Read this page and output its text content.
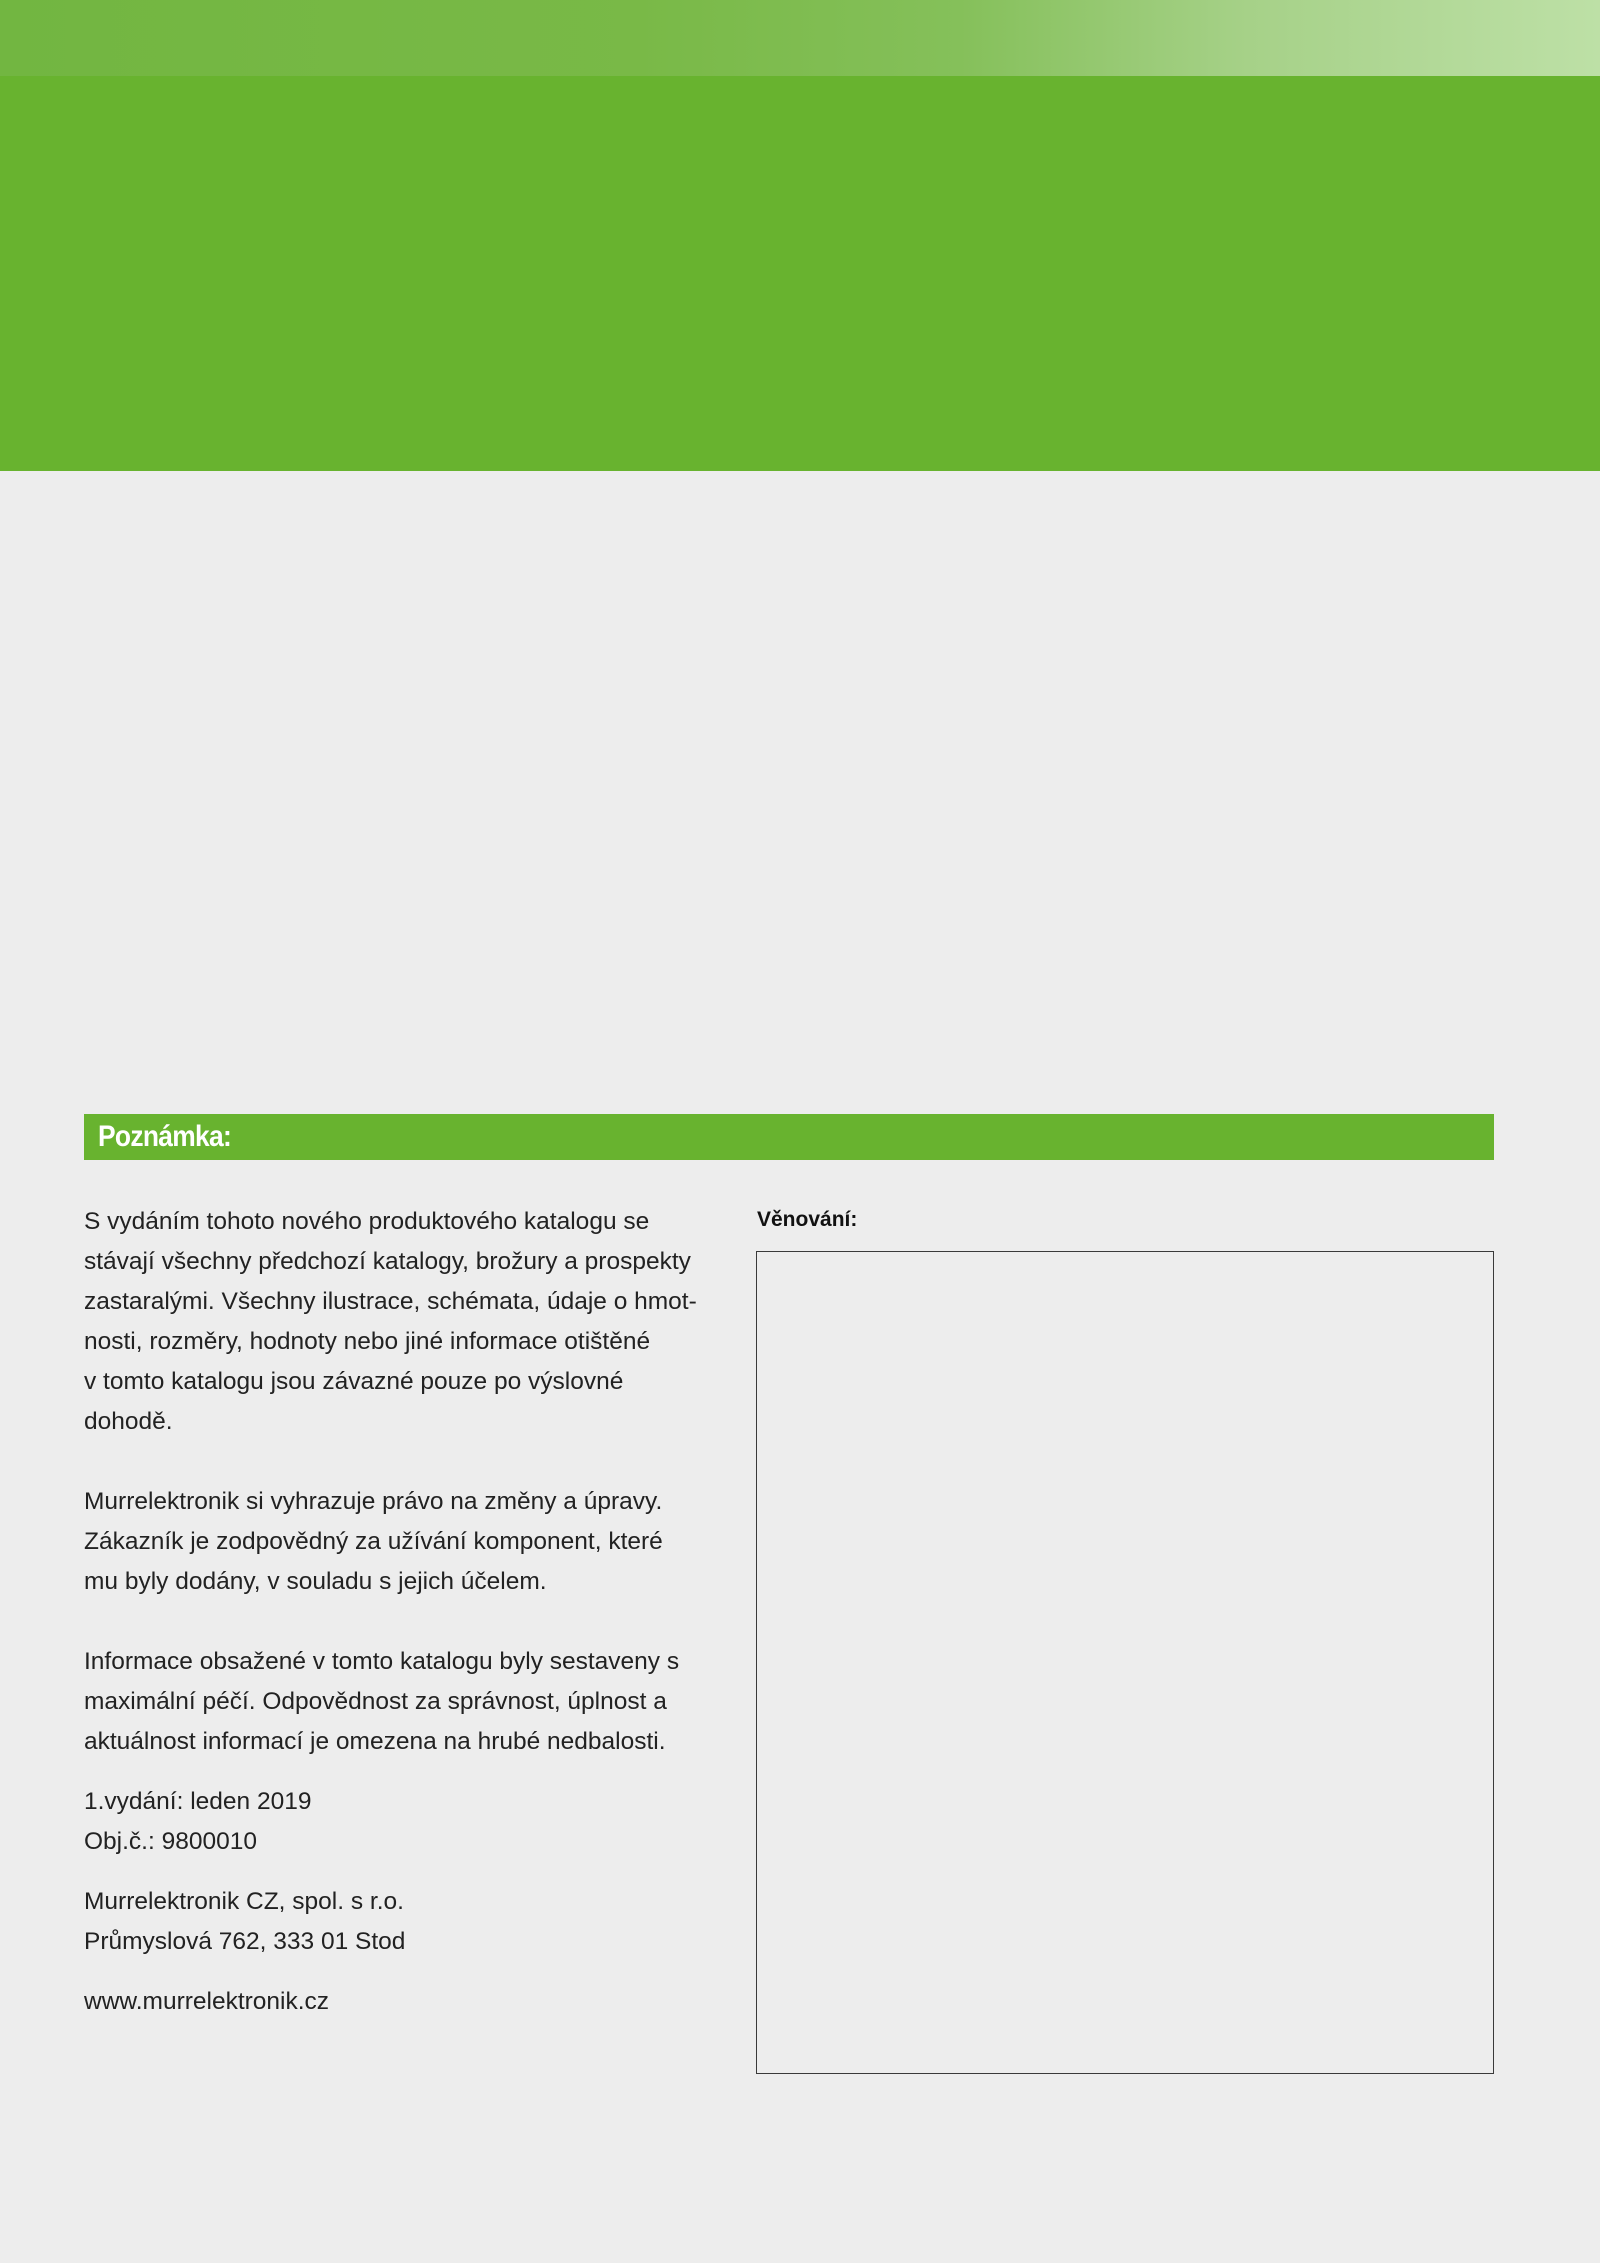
Poznámka:

S vydáním tohoto nového produktového katalogu se
stávají všechny předchozí katalogy, brožury a prospekty
zastaralými. Všechny ilustrace, schémata, údaje o hmot-
nosti, rozměry, hodnoty nebo jiné informace otištěné
v tomto katalogu jsou závazné pouze po výslovné
dohodě.

Murrelektronik si vyhrazuje právo na změny a úpravy.
Zákazník je zodpovědný za užívání komponent, které
mu byly dodány, v souladu s jejich účelem.

Informace obsažené v tomto katalogu byly sestaveny s
maximální péčí. Odpovědnost za správnost, úplnost a
aktuálnost informací je omezena na hrubé nedbalosti.

1.vydání: leden 2019
Obj.č.: 9800010

Murrelektronik CZ, spol. s r.o.
Průmyslová 762, 333 01 Stod

www.murrelektronik.cz

Věnování:
